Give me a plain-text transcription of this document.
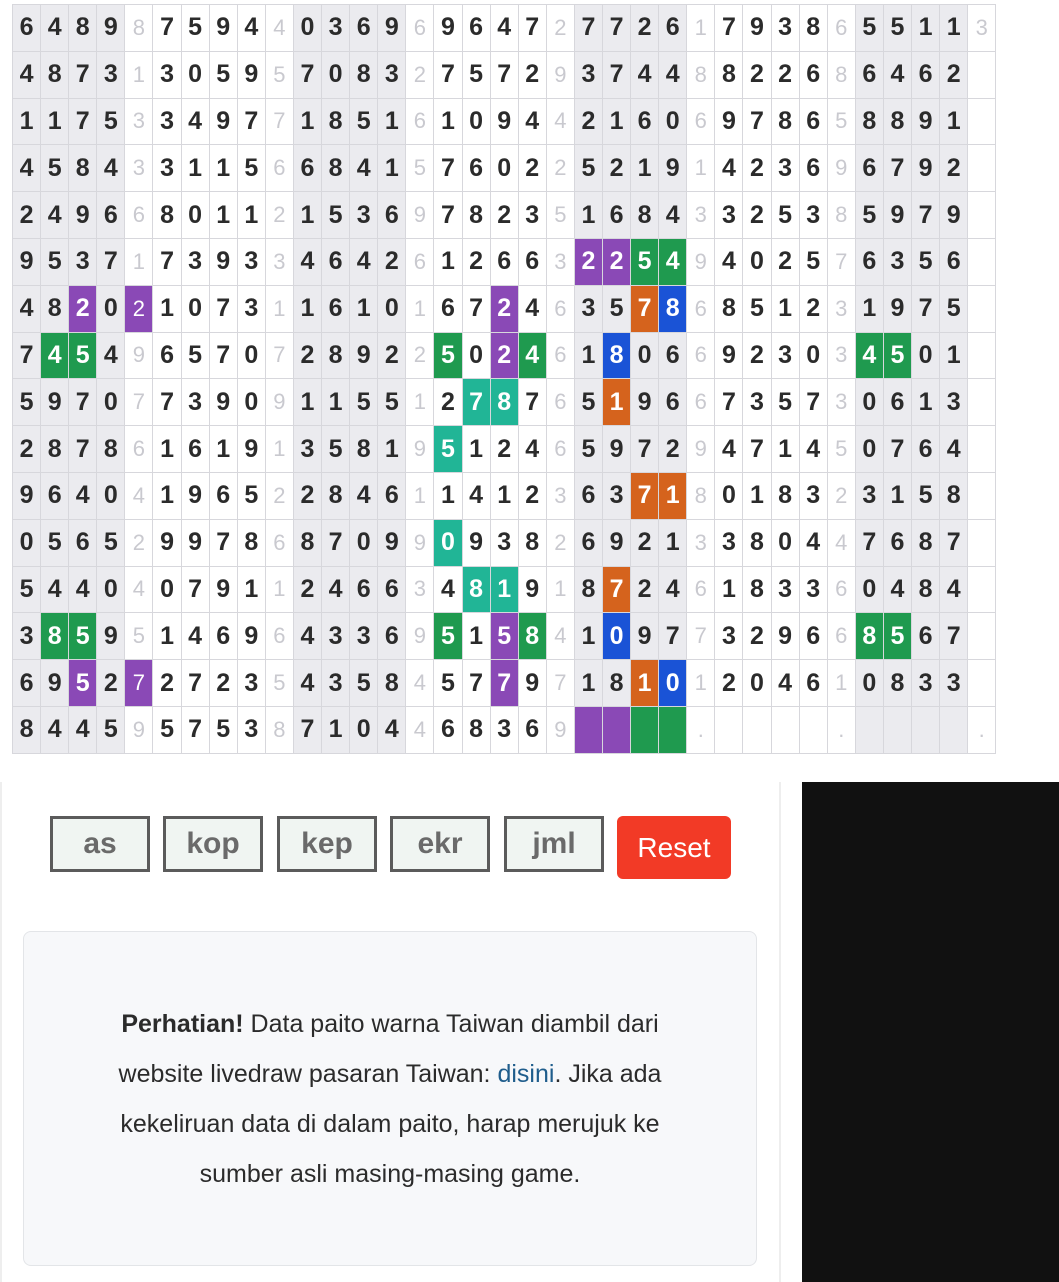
6	4	8	9	8	7	5	9	4	4	0	3	6	9	6	9	6	4	7	2	7	7	2	6	1	7	9	3	8	6	5	5	1	1	3
4	8	7	3	1	3	0	5	9	5	7	0	8	3	2	7	5	7	2	9	3	7	4	4	8	8	2	2	6	8	6	4	6	2	
1	1	7	5	3	3	4	9	7	7	1	8	5	1	6	1	0	9	4	4	2	1	6	0	6	9	7	8	6	5	8	8	9	1	
4	5	8	4	3	3	1	1	5	6	6	8	4	1	5	7	6	0	2	2	5	2	1	9	1	4	2	3	6	9	6	7	9	2	
2	4	9	6	6	8	0	1	1	2	1	5	3	6	9	7	8	2	3	5	1	6	8	4	3	3	2	5	3	8	5	9	7	9	
9	5	3	7	1	7	3	9	3	3	4	6	4	2	6	1	2	6	6	3	2	2	5	4	9	4	0	2	5	7	6	3	5	6	
4	8	2	0	2	1	0	7	3	1	1	6	1	0	1	6	7	2	4	6	3	5	7	8	6	8	5	1	2	3	1	9	7	5	
7	4	5	4	9	6	5	7	0	7	2	8	9	2	2	5	0	2	4	6	1	8	0	6	6	9	2	3	0	3	4	5	0	1	
5	9	7	0	7	7	3	9	0	9	1	1	5	5	1	2	7	8	7	6	5	1	9	6	6	7	3	5	7	3	0	6	1	3	
2	8	7	8	6	1	6	1	9	1	3	5	8	1	9	5	1	2	4	6	5	9	7	2	9	4	7	1	4	5	0	7	6	4	
9	6	4	0	4	1	9	6	5	2	2	8	4	6	1	1	4	1	2	3	6	3	7	1	8	0	1	8	3	2	3	1	5	8	
0	5	6	5	2	9	9	7	8	6	8	7	0	9	9	0	9	3	8	2	6	9	2	1	3	3	8	0	4	4	7	6	8	7	
5	4	4	0	4	0	7	9	1	1	2	4	6	6	3	4	8	1	9	1	8	7	2	4	6	1	8	3	3	6	0	4	8	4	
3	8	5	9	5	1	4	6	9	6	4	3	3	6	9	5	1	5	8	4	1	0	9	7	7	3	2	9	6	6	8	5	6	7	
6	9	5	2	7	2	7	2	3	5	4	3	5	8	4	5	7	7	9	7	1	8	1	0	1	2	0	4	6	1	0	8	3	3	
8	4	4	5	9	5	7	5	3	8	7	1	0	4	4	6	8	3	6	9					.					.					.
as	kop	kep	ekr	jml	Reset
Perhatian! Data paito warna Taiwan diambil dari website livedraw pasaran Taiwan: disini. Jika ada kekeliruan data di dalam paito, harap merujuk ke sumber asli masing-masing game.
